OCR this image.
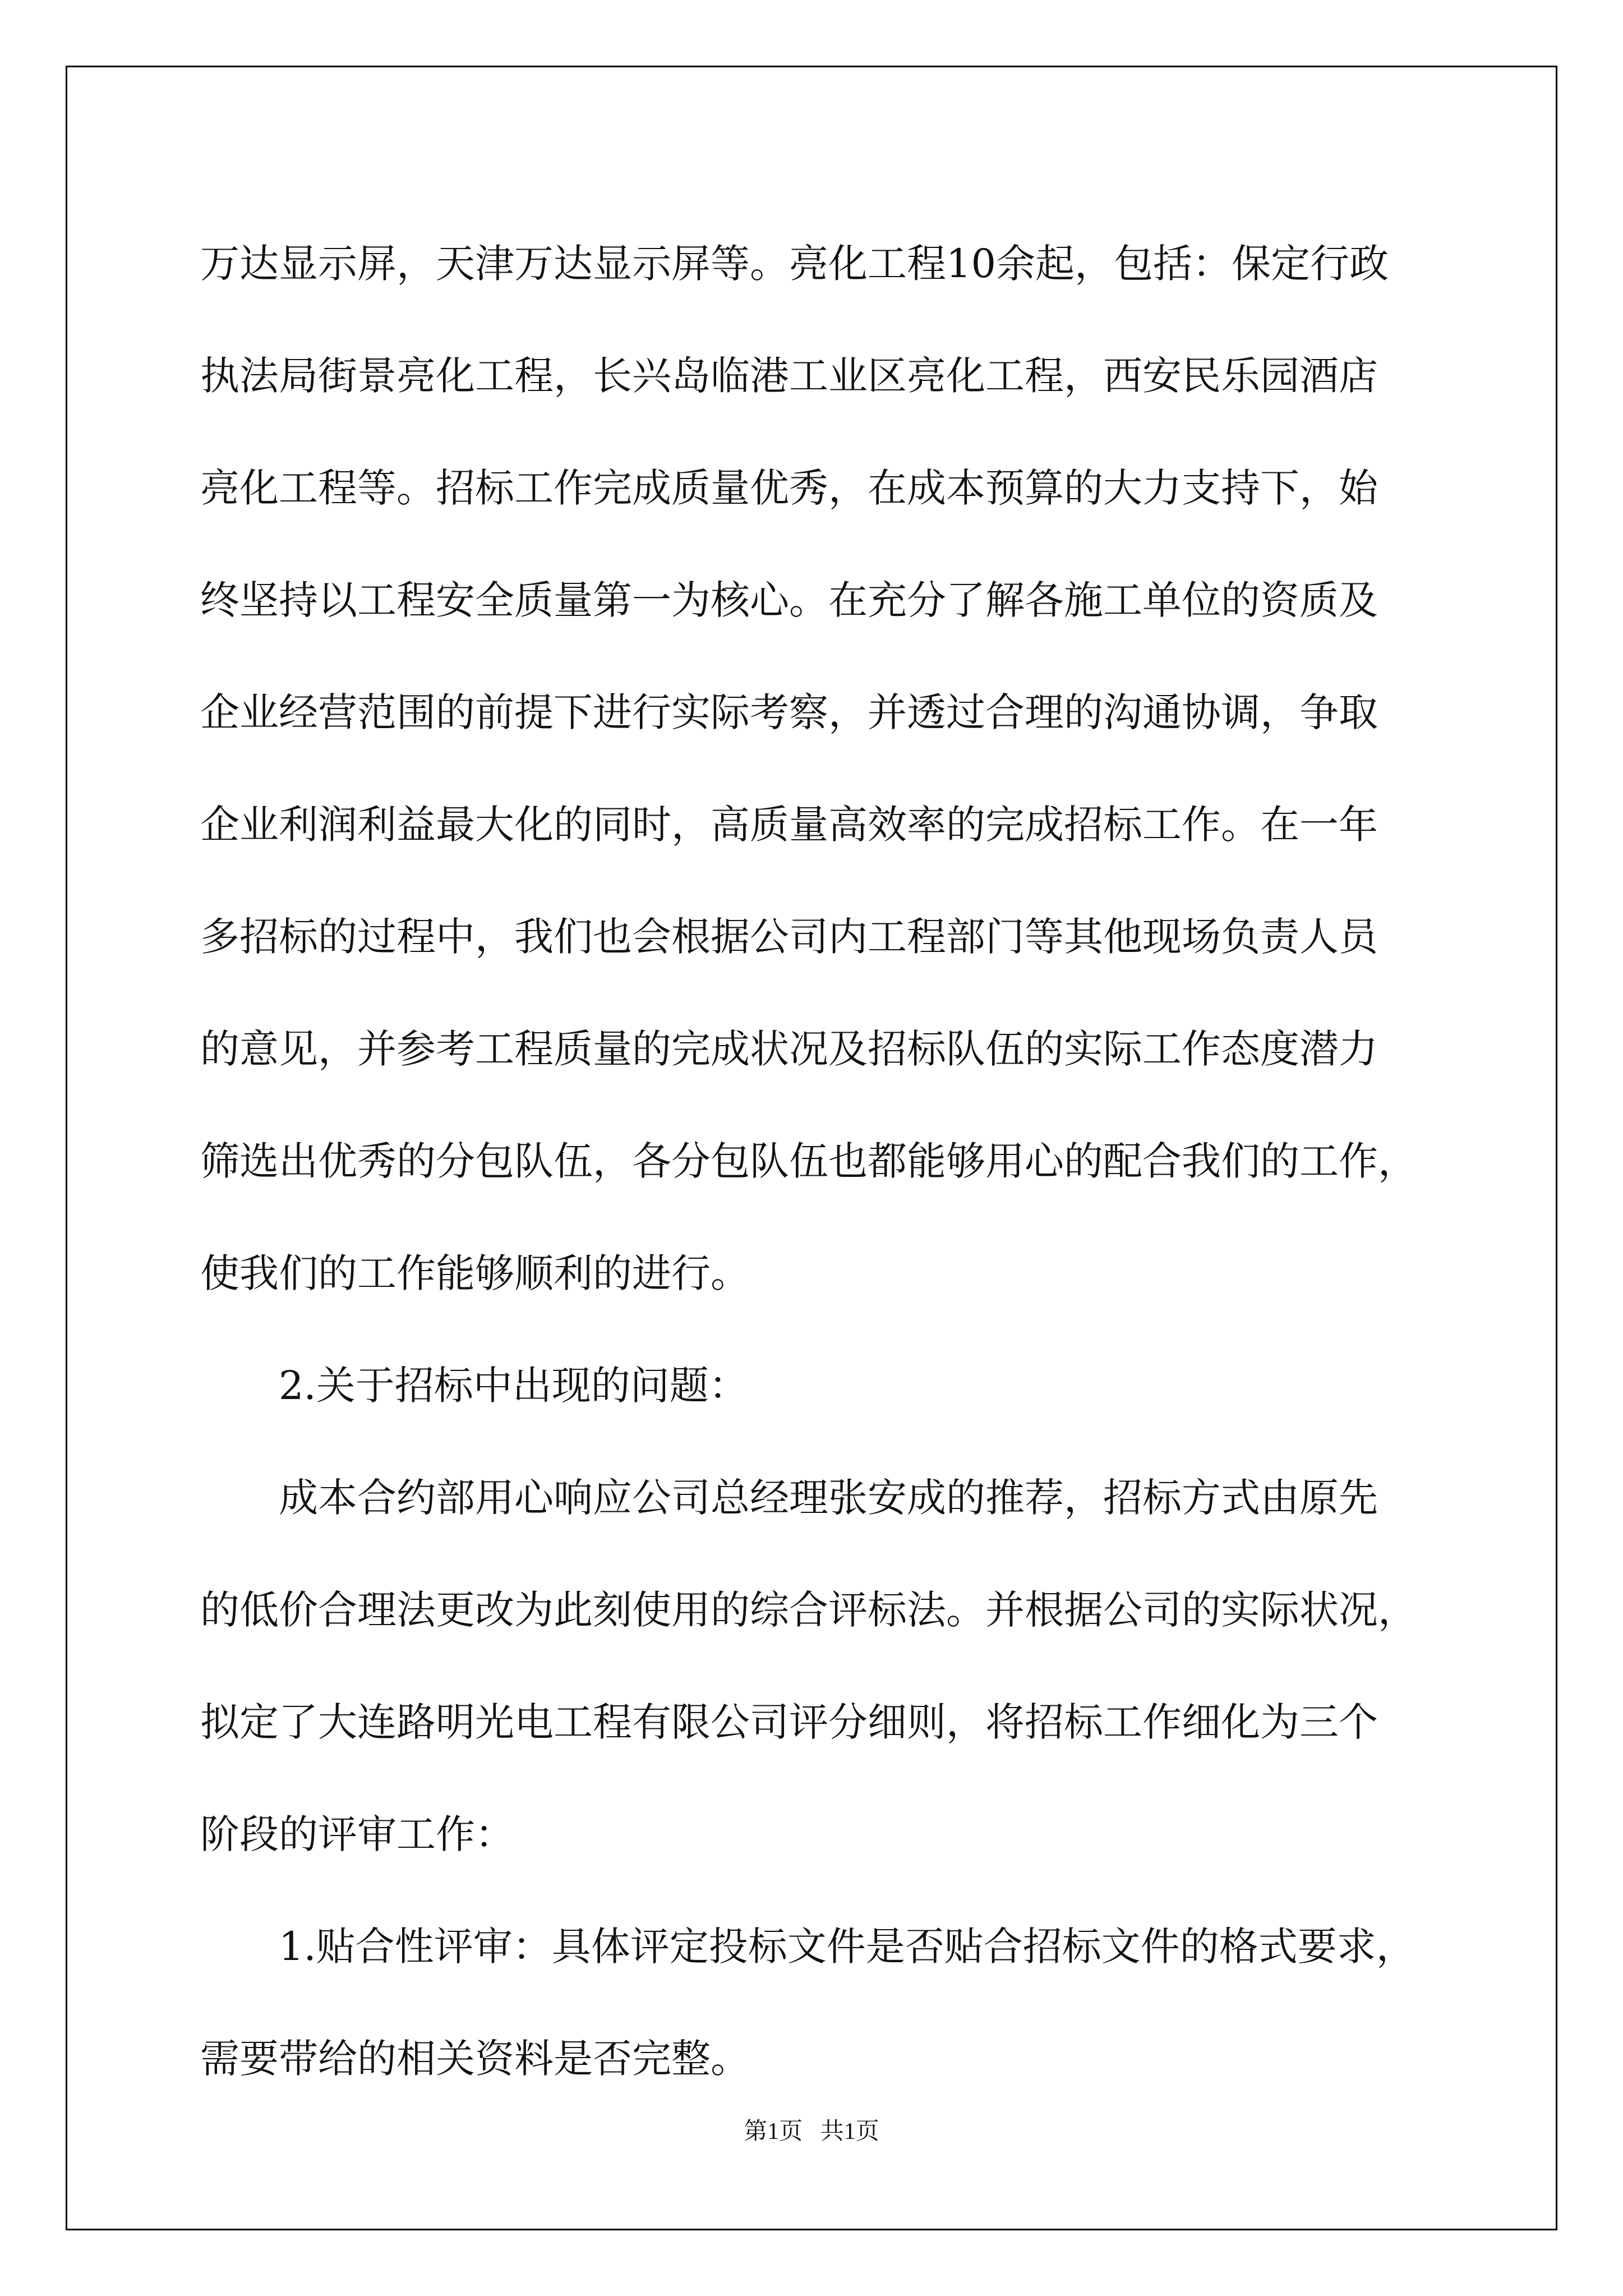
万达显示屏，天津万达显示屏等。亮化工程10余起，包括：保定行政
执法局街景亮化工程，长兴岛临港工业区亮化工程，西安民乐园酒店
亮化工程等。招标工作完成质量优秀，在成本预算的大力支持下，始
终坚持以工程安全质量第一为核心。在充分了解各施工单位的资质及
企业经营范围的前提下进行实际考察，并透过合理的沟通协调，争取
企业利润利益最大化的同时，高质量高效率的完成招标工作。在一年
多招标的过程中，我们也会根据公司内工程部门等其他现场负责人员
的意见，并参考工程质量的完成状况及招标队伍的实际工作态度潜力
筛选出优秀的分包队伍，各分包队伍也都能够用心的配合我们的工作，
使我们的工作能够顺利的进行。
2.关于招标中出现的问题：
成本合约部用心响应公司总经理张安成的推荐，招标方式由原先
的低价合理法更改为此刻使用的综合评标法。并根据公司的实际状况，
拟定了大连路明光电工程有限公司评分细则，将招标工作细化为三个
阶段的评审工作：
1.贴合性评审：具体评定投标文件是否贴合招标文件的格式要求，
需要带给的相关资料是否完整。
第1页   共1页
